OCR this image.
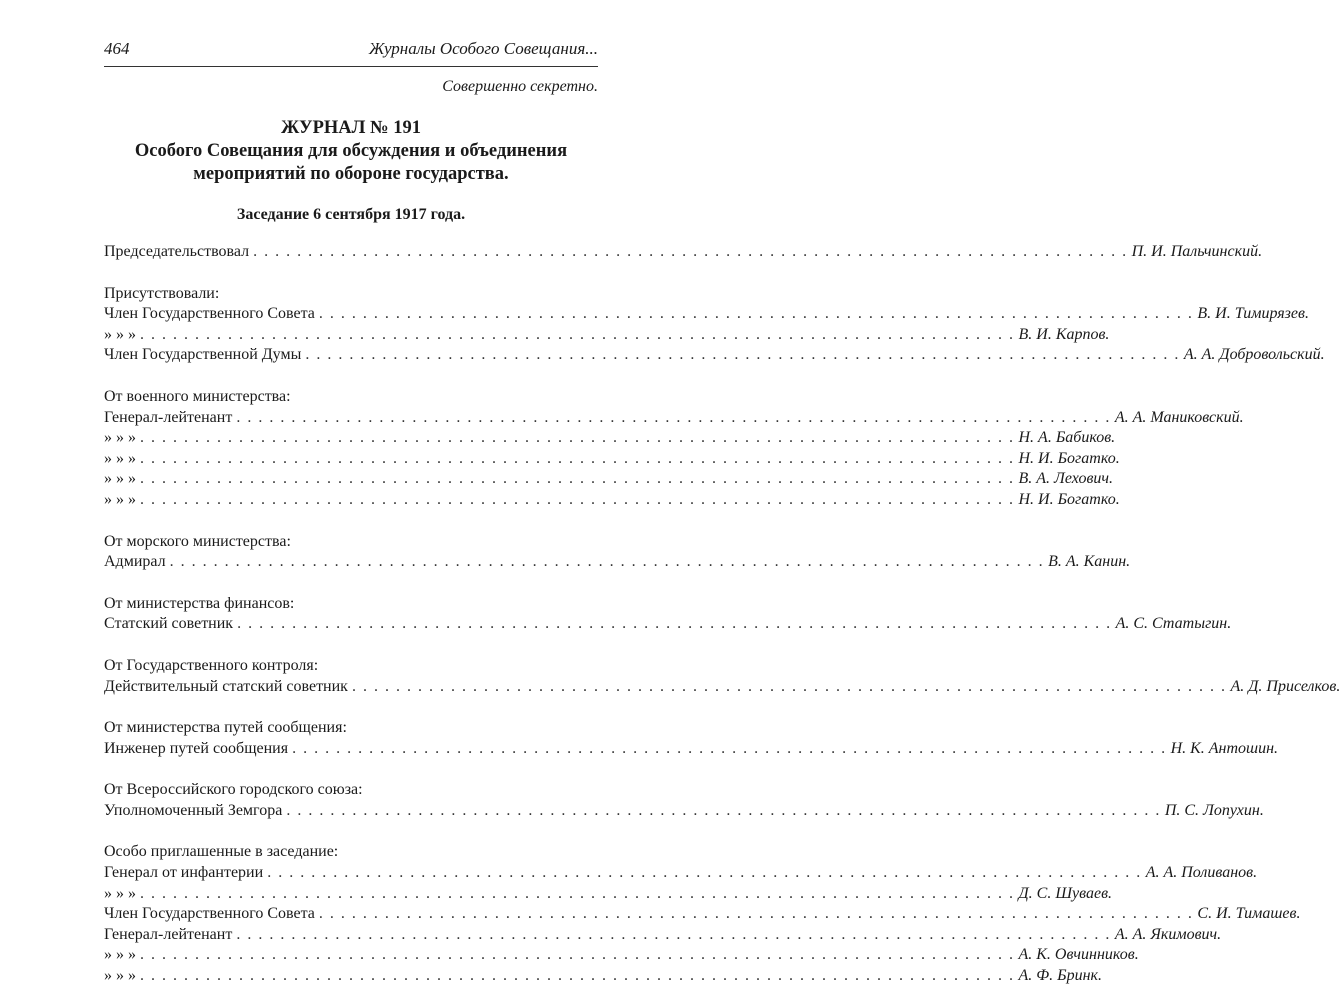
464	Журналы Особого Совещания...
Совершенно секретно.
ЖУРНАЛ № 191
Особого Совещания для обсуждения и объединения
мероприятий по обороне государства.
Заседание 6 сентября 1917 года.
Председательствовал . . . . . . . . . . . . . . . . . . . . . . . . . . . . . . . . . . . . . . . . . . . . . . . . . . . . . . . . . . . . . . . . . . . . . . . . . . . . . . . . П. И. Пальчинский.
Присутствовали:
Член Государственного Совета . . . . . . . . . . . . . . . . . . . . . . . . . . . . . . . . . . . . . . . . . . . . . . . . . . . . . . . . . . . . . . . . . . . . . . . . . . . . . . . . В. И. Тимирязев.
» » » . . . . . . . . . . . . . . . . . . . . . . . . . . . . . . . . . . . . . . . . . . . . . . . . . . . . . . . . . . . . . . . . . . . . . . . . . . . . . . . . В. И. Карпов.
Член Государственной Думы . . . . . . . . . . . . . . . . . . . . . . . . . . . . . . . . . . . . . . . . . . . . . . . . . . . . . . . . . . . . . . . . . . . . . . . . . . . . . . . . А. А. Добровольский.
От военного министерства:
Генерал-лейтенант . . . . . . . . . . . . . . . . . . . . . . . . . . . . . . . . . . . . . . . . . . . . . . . . . . . . . . . . . . . . . . . . . . . . . . . . . . . . . . . . А. А. Маниковский.
» » » . . . . . . . . . . . . . . . . . . . . . . . . . . . . . . . . . . . . . . . . . . . . . . . . . . . . . . . . . . . . . . . . . . . . . . . . . . . . . . . . Н. А. Бабиков.
» » » . . . . . . . . . . . . . . . . . . . . . . . . . . . . . . . . . . . . . . . . . . . . . . . . . . . . . . . . . . . . . . . . . . . . . . . . . . . . . . . . Н. И. Богатко.
» » » . . . . . . . . . . . . . . . . . . . . . . . . . . . . . . . . . . . . . . . . . . . . . . . . . . . . . . . . . . . . . . . . . . . . . . . . . . . . . . . . В. А. Лехович.
» » » . . . . . . . . . . . . . . . . . . . . . . . . . . . . . . . . . . . . . . . . . . . . . . . . . . . . . . . . . . . . . . . . . . . . . . . . . . . . . . . . Н. И. Богатко.
От морского министерства:
Адмирал . . . . . . . . . . . . . . . . . . . . . . . . . . . . . . . . . . . . . . . . . . . . . . . . . . . . . . . . . . . . . . . . . . . . . . . . . . . . . . . . В. А. Канин.
От министерства финансов:
Статский советник . . . . . . . . . . . . . . . . . . . . . . . . . . . . . . . . . . . . . . . . . . . . . . . . . . . . . . . . . . . . . . . . . . . . . . . . . . . . . . . . А. С. Статыгин.
От Государственного контроля:
Действительный статский советник . . . . . . . . . . . . . . . . . . . . . . . . . . . . . . . . . . . . . . . . . . . . . . . . . . . . . . . . . . . . . . . . . . . . . . . . . . . . . . . . А. Д. Приселков.
От министерства путей сообщения:
Инженер путей сообщения . . . . . . . . . . . . . . . . . . . . . . . . . . . . . . . . . . . . . . . . . . . . . . . . . . . . . . . . . . . . . . . . . . . . . . . . . . . . . . . . Н. К. Антошин.
От Всероссийского городского союза:
Уполномоченный Земгора . . . . . . . . . . . . . . . . . . . . . . . . . . . . . . . . . . . . . . . . . . . . . . . . . . . . . . . . . . . . . . . . . . . . . . . . . . . . . . . . П. С. Лопухин.
Особо приглашенные в заседание:
Генерал от инфантерии . . . . . . . . . . . . . . . . . . . . . . . . . . . . . . . . . . . . . . . . . . . . . . . . . . . . . . . . . . . . . . . . . . . . . . . . . . . . . . . . А. А. Поливанов.
» » » . . . . . . . . . . . . . . . . . . . . . . . . . . . . . . . . . . . . . . . . . . . . . . . . . . . . . . . . . . . . . . . . . . . . . . . . . . . . . . . . Д. С. Шуваев.
Член Государственного Совета . . . . . . . . . . . . . . . . . . . . . . . . . . . . . . . . . . . . . . . . . . . . . . . . . . . . . . . . . . . . . . . . . . . . . . . . . . . . . . . . С. И. Тимашев.
Генерал-лейтенант . . . . . . . . . . . . . . . . . . . . . . . . . . . . . . . . . . . . . . . . . . . . . . . . . . . . . . . . . . . . . . . . . . . . . . . . . . . . . . . . А. А. Якимович.
» » » . . . . . . . . . . . . . . . . . . . . . . . . . . . . . . . . . . . . . . . . . . . . . . . . . . . . . . . . . . . . . . . . . . . . . . . . . . . . . . . . А. К. Овчинников.
» » » . . . . . . . . . . . . . . . . . . . . . . . . . . . . . . . . . . . . . . . . . . . . . . . . . . . . . . . . . . . . . . . . . . . . . . . . . . . . . . . . А. Ф. Бринк.
